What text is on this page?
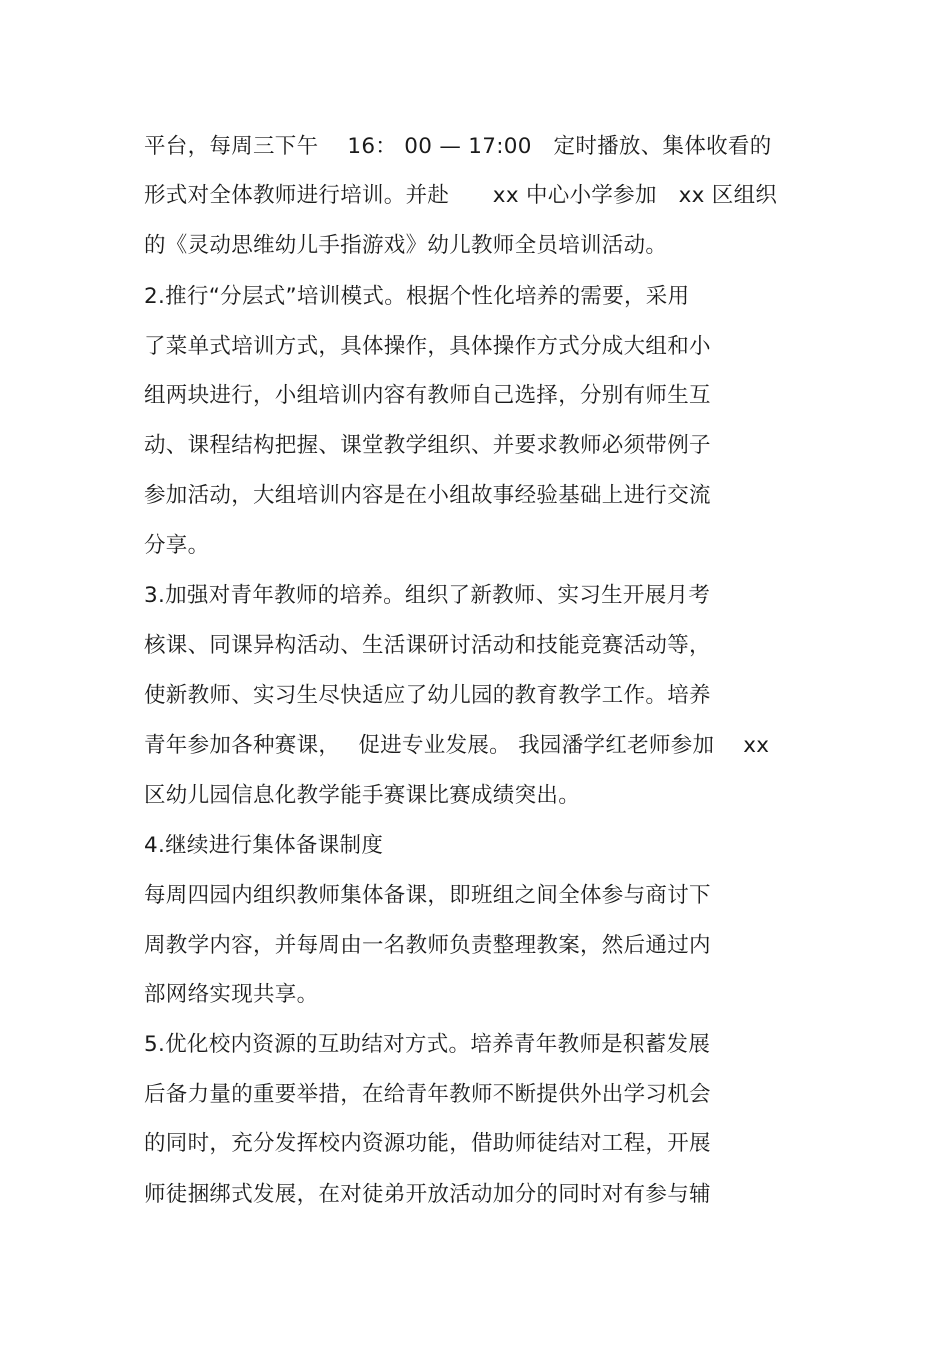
平台，每周三下午　 16： 00 — 17:00　定时播放、集体收看的
形式对全体教师进行培训。并赴　　xx 中心小学参加　xx 区组织
的《灵动思维幼儿手指游戏》幼儿教师全员培训活动。
2.推行“分层式”培训模式。根据个性化培养的需要，采用
了菜单式培训方式，具体操作，具体操作方式分成大组和小
组两块进行，小组培训内容有教师自己选择，分别有师生互
动、课程结构把握、课堂教学组织、并要求教师必须带例子
参加活动，大组培训内容是在小组故事经验基础上进行交流
分享。
3.加强对青年教师的培养。组织了新教师、实习生开展月考
核课、同课异构活动、生活课研讨活动和技能竞赛活动等，
使新教师、实习生尽快适应了幼儿园的教育教学工作。培养
青年参加各种赛课，　 促进专业发展。 我园潘学红老师参加　 xx
区幼儿园信息化教学能手赛课比赛成绩突出。
4.继续进行集体备课制度
每周四园内组织教师集体备课，即班组之间全体参与商讨下
周教学内容，并每周由一名教师负责整理教案，然后通过内
部网络实现共享。
5.优化校内资源的互助结对方式。培养青年教师是积蓄发展
后备力量的重要举措，在给青年教师不断提供外出学习机会
的同时，充分发挥校内资源功能，借助师徒结对工程，开展
师徒捆绑式发展，在对徒弟开放活动加分的同时对有参与辅
